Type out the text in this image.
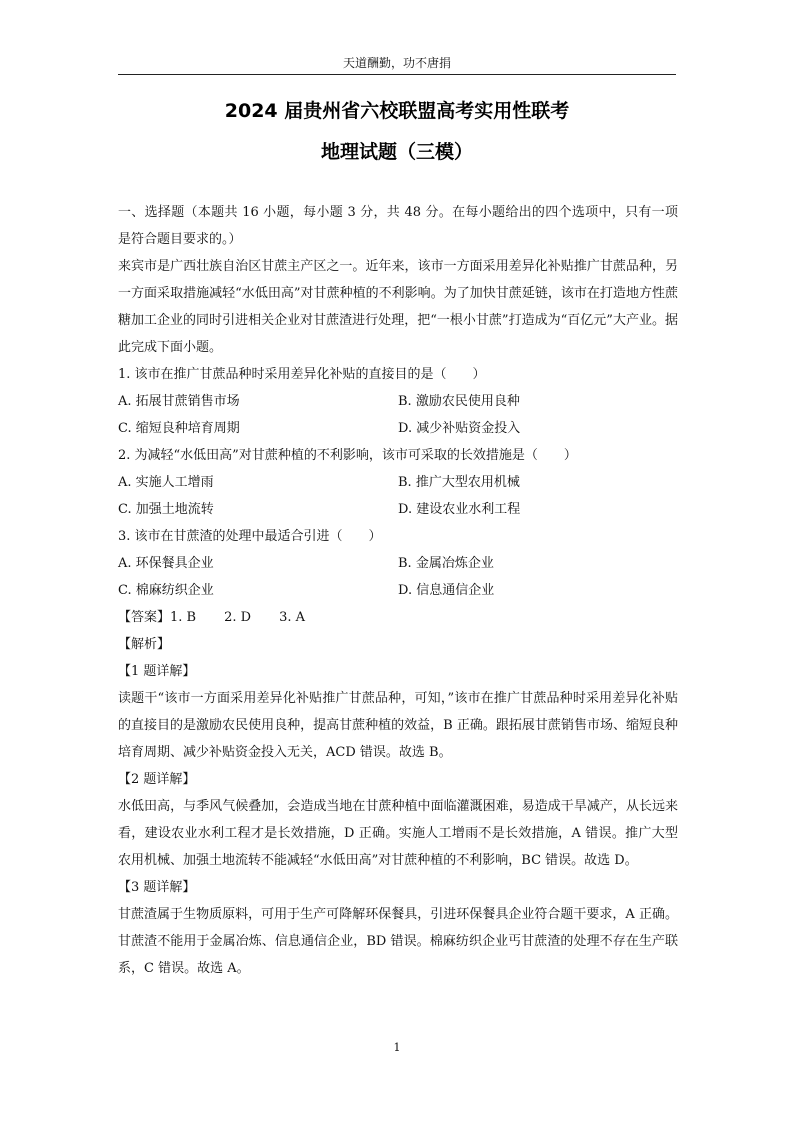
天道酬勤，功不唐捐
2024 届贵州省六校联盟高考实用性联考
地理试题（三模）

一、选择题（本题共 16 小题，每小题 3 分，共 48 分。在每小题给出的四个选项中，只有一项是符合题目要求的。）

来宾市是广西壮族自治区甘蔗主产区之一。近年来，该市一方面采用差异化补贴推广甘蔗品种，另一方面采取措施减轻“水低田高”对甘蔗种植的不利影响。为了加快甘蔗延链，该市在打造地方性蔗糖加工企业的同时引进相关企业对甘蔗渣进行处理，把“一根小甘蔗”打造成为“百亿元”大产业。据此完成下面小题。

1. 该市在推广甘蔗品种时采用差异化补贴的直接目的是（　　）

A. 拓展甘蔗销售市场	B. 激励农民使用良种
C. 缩短良种培育周期	D. 减少补贴资金投入

2. 为减轻“水低田高”对甘蔗种植的不利影响，该市可采取的长效措施是（　　）

A. 实施人工增雨	B. 推广大型农用机械
C. 加强土地流转	D. 建设农业水利工程

3. 该市在甘蔗渣的处理中最适合引进（　　）

A. 环保餐具企业	B. 金属冶炼企业
C. 棉麻纺织企业	D. 信息通信企业

【答案】1. B 2. D 3. A

【解析】

【1 题详解】

读题干“该市一方面采用差异化补贴推广甘蔗品种，可知，”该市在推广甘蔗品种时采用差异化补贴的直接目的是激励农民使用良种，提高甘蔗种植的效益，B 正确。跟拓展甘蔗销售市场、缩短良种培育周期、减少补贴资金投入无关，ACD 错误。故选 B。

【2 题详解】

水低田高，与季风气候叠加，会造成当地在甘蔗种植中面临灌溉困难，易造成干旱减产，从长远来看，建设农业水利工程才是长效措施，D 正确。实施人工增雨不是长效措施，A 错误。推广大型农用机械、加强土地流转不能减轻“水低田高”对甘蔗种植的不利影响，BC 错误。故选 D。

【3 题详解】

甘蔗渣属于生物质原料，可用于生产可降解环保餐具，引进环保餐具企业符合题干要求，A 正确。甘蔗渣不能用于金属冶炼、信息通信企业，BD 错误。棉麻纺织企业丐甘蔗渣的处理不存在生产联系，C 错误。故选 A。

1
